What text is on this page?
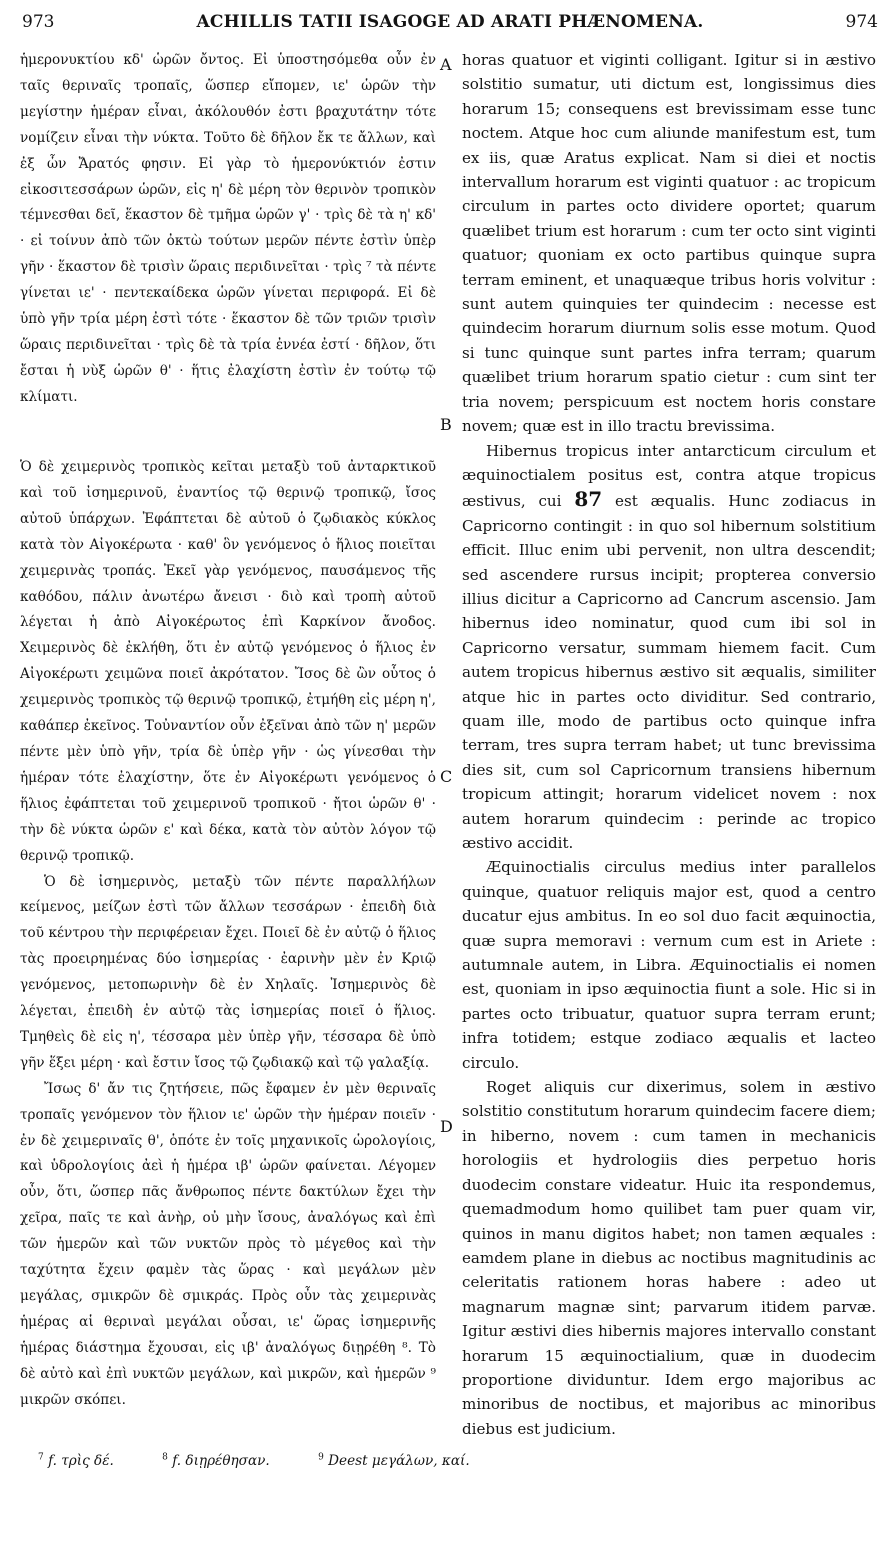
973	ACHILLIS TATII ISAGOGE AD ARATI PHÆNOMENA.	974

ἡμερονυκτίου κδ' ὡρῶν ὄντος. Εἰ ὑποστησόμεθα οὖν ἐν ταῖς θεριναῖς τροπαῖς, ὥσπερ εἴπομεν, ιε' ὡρῶν τὴν μεγίστην ἡμέραν εἶναι, ἀκόλουθόν ἐστι βραχυτάτην τότε νομίζειν εἶναι τὴν νύκτα. Τοῦτο δὲ δῆλον ἔκ τε ἄλλων, καὶ ἐξ ὧν Ἄρατός φησιν. Εἰ γὰρ τὸ ἡμερονύκτιόν ἐστιν εἰκοσιτεσσάρων ὡρῶν, εἰς η' δὲ μέρη τὸν θερινὸν τροπικὸν τέμνεσθαι δεῖ, ἕκαστον δὲ τμῆμα ὡρῶν γ' · τρὶς δὲ τὰ η' κδ' · εἰ τοίνυν ἀπὸ τῶν ὀκτὼ τούτων μερῶν πέντε ἐστὶν ὑπὲρ γῆν · ἕκαστον δὲ τρισὶν ὥραις περιδινεῖται · τρὶς ⁷ τὰ πέντε γίνεται ιε' · πεντεκαίδεκα ὡρῶν γίνεται περιφορά. Εἰ δὲ ὑπὸ γῆν τρία μέρη ἐστὶ τότε · ἕκαστον δὲ τῶν τριῶν τρισὶν ὥραις περιδινεῖται · τρὶς δὲ τὰ τρία ἐννέα ἐστί · δῆλον, ὅτι ἔσται ἡ νὺξ ὡρῶν θ' · ἥτις ἐλαχίστη ἐστὶν ἐν τούτῳ τῷ κλίματι.

Ὁ δὲ χειμερινὸς τροπικὸς κεῖται μεταξὺ τοῦ ἀνταρκτικοῦ καὶ τοῦ ἰσημερινοῦ, ἐναντίος τῷ θερινῷ τροπικῷ, ἴσος αὐτοῦ ὑπάρχων. Ἐφάπτεται δὲ αὐτοῦ ὁ ζῳδιακὸς κύκλος κατὰ τὸν Αἰγοκέρωτα · καθ' ὃν γενόμενος ὁ ἥλιος ποιεῖται χειμερινὰς τροπάς. Ἐκεῖ γὰρ γενόμενος, παυσάμενος τῆς καθόδου, πάλιν ἀνωτέρω ἄνεισι · διὸ καὶ τροπὴ αὐτοῦ λέγεται ἡ ἀπὸ Αἰγοκέρωτος ἐπὶ Καρκίνον ἄνοδος. Χειμερινὸς δὲ ἐκλήθη, ὅτι ἐν αὐτῷ γενόμενος ὁ ἥλιος ἐν Αἰγοκέρωτι χειμῶνα ποιεῖ ἀκρότατον. Ἴσος δὲ ὢν οὗτος ὁ χειμερινὸς τροπικὸς τῷ θερινῷ τροπικῷ, ἐτμήθη εἰς μέρη η', καθάπερ ἐκεῖνος. Τοὐναντίον οὖν ἐξεῖναι ἀπὸ τῶν η' μερῶν πέντε μὲν ὑπὸ γῆν, τρία δὲ ὑπὲρ γῆν · ὡς γίνεσθαι τὴν ἡμέραν τότε ἐλαχίστην, ὅτε ἐν Αἰγοκέρωτι γενόμενος ὁ ἥλιος ἐφάπτεται τοῦ χειμερινοῦ τροπικοῦ · ἤτοι ὡρῶν θ' · τὴν δὲ νύκτα ὡρῶν ε' καὶ δέκα, κατὰ τὸν αὐτὸν λόγον τῷ θερινῷ τροπικῷ.

Ὁ δὲ ἰσημερινὸς, μεταξὺ τῶν πέντε παραλλήλων κείμενος, μείζων ἐστὶ τῶν ἄλλων τεσσάρων · ἐπειδὴ διὰ τοῦ κέντρου τὴν περιφέρειαν ἔχει. Ποιεῖ δὲ ἐν αὐτῷ ὁ ἥλιος τὰς προειρημένας δύο ἰσημερίας · ἐαρινὴν μὲν ἐν Κριῷ γενόμενος, μετοπωρινὴν δὲ ἐν Χηλαῖς. Ἰσημερινὸς δὲ λέγεται, ἐπειδὴ ἐν αὐτῷ τὰς ἰσημερίας ποιεῖ ὁ ἥλιος. Τμηθεὶς δὲ εἰς η', τέσσαρα μὲν ὑπὲρ γῆν, τέσσαρα δὲ ὑπὸ γῆν ἕξει μέρη · καὶ ἔστιν ἴσος τῷ ζῳδιακῷ καὶ τῷ γαλαξίᾳ.

Ἴσως δ' ἄν τις ζητήσειε, πῶς ἔφαμεν ἐν μὲν θεριναῖς τροπαῖς γενόμενον τὸν ἥλιον ιε' ὡρῶν τὴν ἡμέραν ποιεῖν · ἐν δὲ χειμεριναῖς θ', ὁπότε ἐν τοῖς μηχανικοῖς ὡρολογίοις, καὶ ὑδρολογίοις ἀεὶ ἡ ἡμέρα ιβ' ὡρῶν φαίνεται. Λέγομεν οὖν, ὅτι, ὥσπερ πᾶς ἄνθρωπος πέντε δακτύλων ἔχει τὴν χεῖρα, παῖς τε καὶ ἀνὴρ, οὐ μὴν ἴσους, ἀναλόγως καὶ ἐπὶ τῶν ἡμερῶν καὶ τῶν νυκτῶν πρὸς τὸ μέγεθος καὶ τὴν ταχύτητα ἔχειν φαμὲν τὰς ὥρας · καὶ μεγάλων μὲν μεγάλας, σμικρῶν δὲ σμικράς. Πρὸς οὖν τὰς χειμερινὰς ἡμέρας αἱ θεριναὶ μεγάλαι οὖσαι, ιε' ὥρας ἰσημερινῆς ἡμέρας διάστημα ἔχουσαι, εἰς ιβ' ἀναλόγως διῃρέθη ⁸. Τὸ δὲ αὐτὸ καὶ ἐπὶ νυκτῶν μεγάλων, καὶ μικρῶν, καὶ ἡμερῶν ⁹ μικρῶν σκόπει.

A
B
C
D

horas quatuor et viginti colligant. Igitur si in æstivo solstitio sumatur, uti dictum est, longissimus dies horarum 15; consequens est brevissimam esse tunc noctem. Atque hoc cum aliunde manifestum est, tum ex iis, quæ Aratus explicat. Nam si diei et noctis intervallum horarum est viginti quatuor : ac tropicum circulum in partes octo dividere oportet; quarum quælibet trium est horarum : cum ter octo sint viginti quatuor; quoniam ex octo partibus quinque supra terram eminent, et unaquæque tribus horis volvitur : sunt autem quinquies ter quindecim : necesse est quindecim horarum diurnum solis esse motum. Quod si tunc quinque sunt partes infra terram; quarum quælibet trium horarum spatio cietur : cum sint ter tria novem; perspicuum est noctem horis constare novem; quæ est in illo tractu brevissima.

Hibernus tropicus inter antarcticum circulum et æquinoctialem positus est, contra atque tropicus æstivus, cui 87 est æqualis. Hunc zodiacus in Capricorno contingit : in quo sol hibernum solstitium efficit. Illuc enim ubi pervenit, non ultra descendit; sed ascendere rursus incipit; propterea conversio illius dicitur a Capricorno ad Cancrum ascensio. Jam hibernus ideo nominatur, quod cum ibi sol in Capricorno versatur, summam hiemem facit. Cum autem tropicus hibernus æstivo sit æqualis, similiter atque hic in partes octo dividitur. Sed contrario, quam ille, modo de partibus octo quinque infra terram, tres supra terram habet; ut tunc brevissima dies sit, cum sol Capricornum transiens hibernum tropicum attingit; horarum videlicet novem : nox autem horarum quindecim : perinde ac tropico æstivo accidit.

Æquinoctialis circulus medius inter parallelos quinque, quatuor reliquis major est, quod a centro ducatur ejus ambitus. In eo sol duo facit æquinoctia, quæ supra memoravi : vernum cum est in Ariete : autumnale autem, in Libra. Æquinoctialis ei nomen est, quoniam in ipso æquinoctia fiunt a sole. Hic si in partes octo tribuatur, quatuor supra terram erunt; infra totidem; estque zodiaco æqualis et lacteo circulo.

Roget aliquis cur dixerimus, solem in æstivo solstitio constitutum horarum quindecim facere diem; in hiberno, novem : cum tamen in mechanicis horologiis et hydrologiis dies perpetuo horis duodecim constare videatur. Huic ita respondemus, quemadmodum homo quilibet tam puer quam vir, quinos in manu digitos habet; non tamen æquales : eamdem plane in diebus ac noctibus magnitudinis ac celeritatis rationem horas habere : adeo ut magnarum magnæ sint; parvarum itidem parvæ. Igitur æstivi dies hibernis majores intervallo constant horarum 15 æquinoctialium, quæ in duodecim proportione dividuntur. Idem ergo majoribus ac minoribus de noctibus, et majoribus ac minoribus diebus est judicium.

$^7$ f. τρὶς δέ.	$^8$ f. διῃρέθησαν.	$^9$ Deest μεγάλων, καί.
